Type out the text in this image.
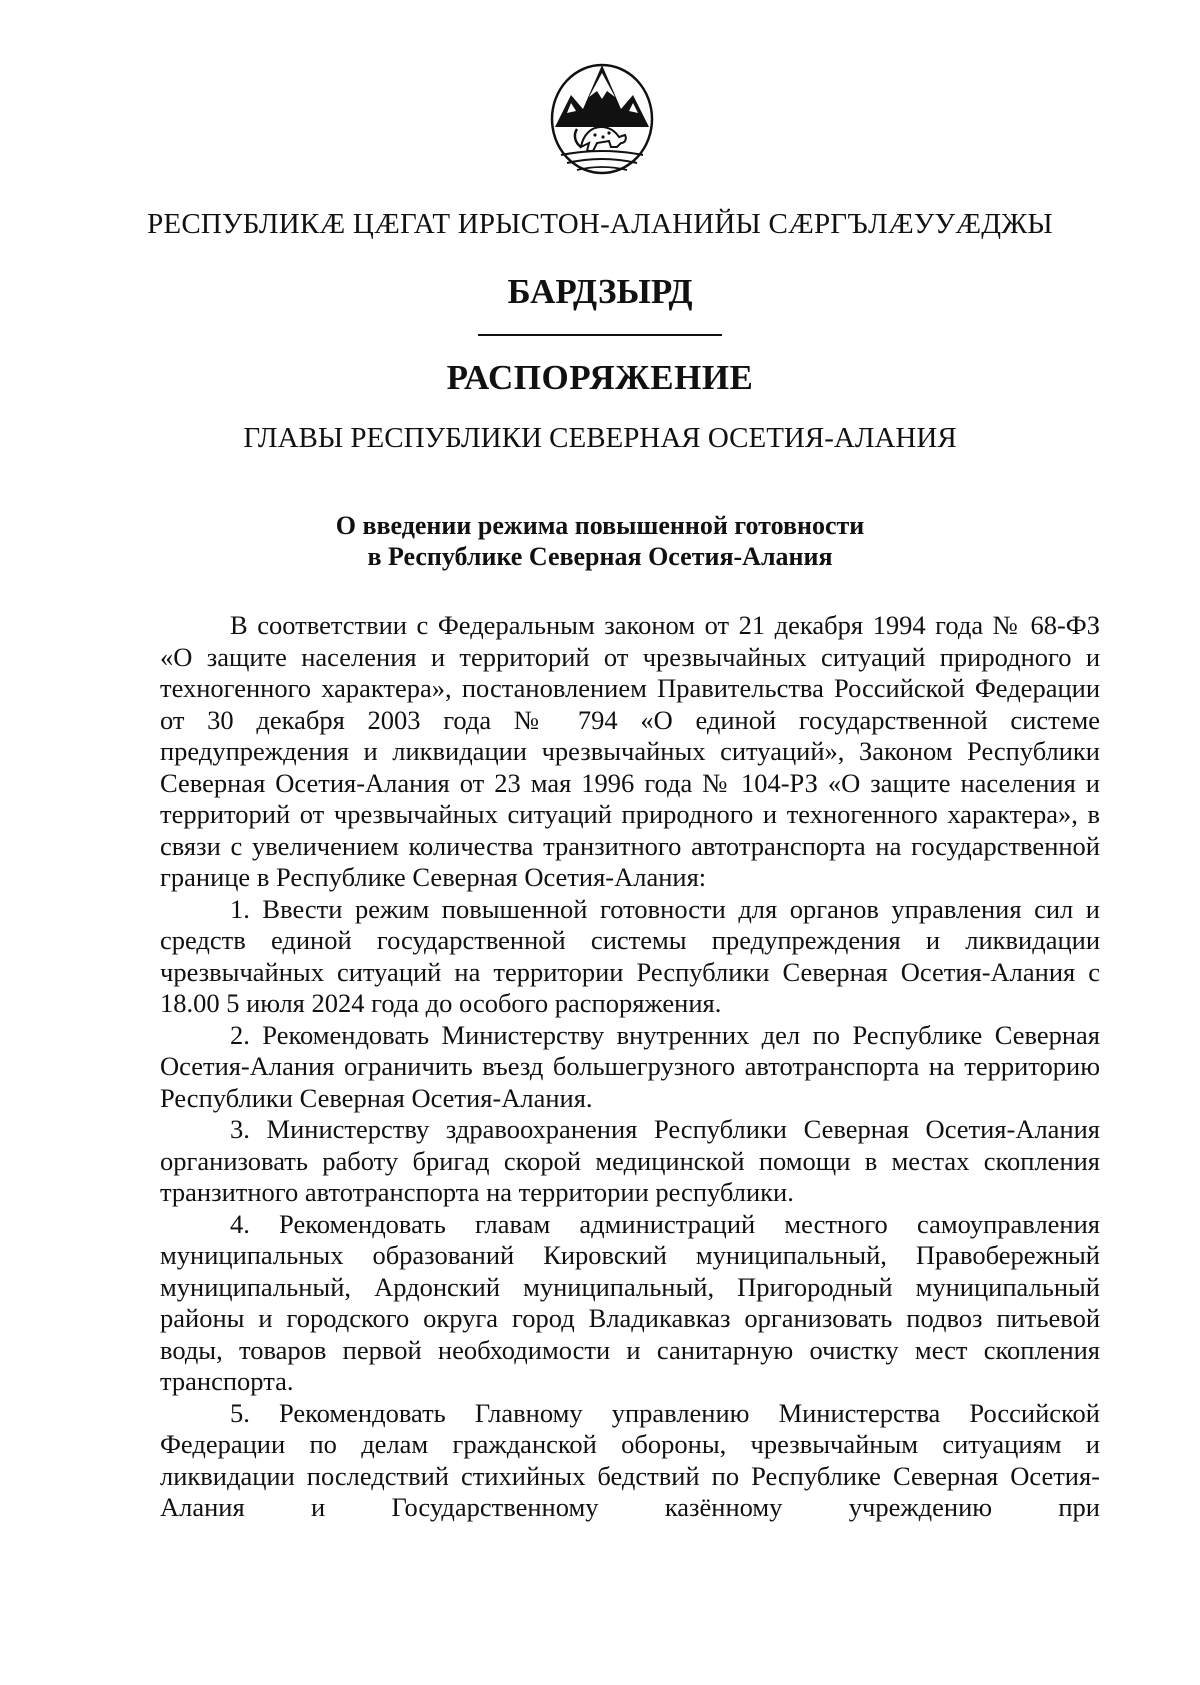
РЕСПУБЛИКÆ ЦÆГАТ ИРЫСТОН-АЛАНИЙЫ СÆРГЪЛÆУУÆДЖЫ
БАРДЗЫРД
РАСПОРЯЖЕНИЕ
ГЛАВЫ РЕСПУБЛИКИ СЕВЕРНАЯ ОСЕТИЯ-АЛАНИЯ
О введении режима повышенной готовности
в Республике Северная Осетия-Алания

В соответствии с Федеральным законом от 21 декабря 1994 года № 68-ФЗ «О защите населения и территорий от чрезвычайных ситуаций природного и техногенного характера», постановлением Правительства Российской Федерации от 30 декабря 2003 года № 794 «О единой государственной системе предупреждения и ликвидации чрезвычайных ситуаций», Законом Республики Северная Осетия-Алания от 23 мая 1996 года № 104-РЗ «О защите населения и территорий от чрезвычайных ситуаций природного и техногенного характера», в связи с увеличением количества транзитного автотранспорта на государственной границе в Республике Северная Осетия-Алания:

1. Ввести режим повышенной готовности для органов управления сил и средств единой государственной системы предупреждения и ликвидации чрезвычайных ситуаций на территории Республики Северная Осетия-Алания с 18.00 5 июля 2024 года до особого распоряжения.

2. Рекомендовать Министерству внутренних дел по Республике Северная Осетия-Алания ограничить въезд большегрузного автотранспорта на территорию Республики Северная Осетия-Алания.

3. Министерству здравоохранения Республики Северная Осетия-Алания организовать работу бригад скорой медицинской помощи в местах скопления транзитного автотранспорта на территории республики.

4. Рекомендовать главам администраций местного самоуправления муниципальных образований Кировский муниципальный, Правобережный муниципальный, Ардонский муниципальный, Пригородный муниципальный районы и городского округа город Владикавказ организовать подвоз питьевой воды, товаров первой необходимости и санитарную очистку мест скопления транспорта.

5. Рекомендовать Главному управлению Министерства Российской Федерации по делам гражданской обороны, чрезвычайным ситуациям и ликвидации последствий стихийных бедствий по Республике Северная Осетия-Алания и Государственному казённому учреждению при
